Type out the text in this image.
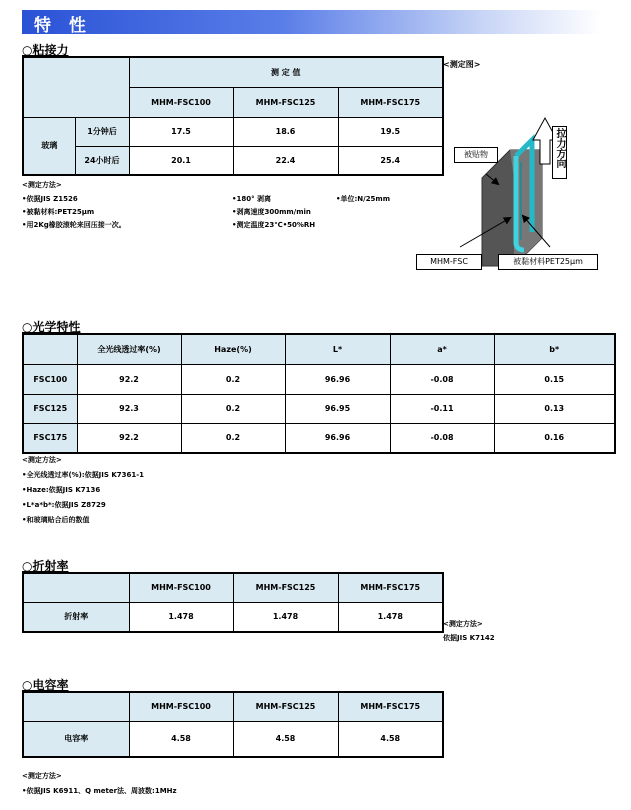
特 性
○粘接力
		测 定 值		
		MHM-FSC100	MHM-FSC125	MHM-FSC175
玻璃	1分钟后	17.5	18.6	19.5
	24小时后	20.1	22.4	25.4
<测定方法>
•依据JIS Z1526
•被黏材料:PET25μm
•用2Kg橡胶滚轮来回压接一次。
•180° 剥离
•剥离速度300mm/min
•测定温度23℃•50%RH
•单位:N/25mm
<测定图>
被贴物	拉力方向
MHM-FSC	被黏材料PET25μm
○光学特性
	全光线透过率(%)	Haze(%)	L*	a*	b*
FSC100	92.2	0.2	96.96	-0.08	0.15
FSC125	92.3	0.2	96.95	-0.11	0.13
FSC175	92.2	0.2	96.96	-0.08	0.16
<测定方法>
•全光线透过率(%):依据JIS K7361-1
•Haze:依据JIS K7136
•L*a*b*:依据JIS Z8729
•和玻璃贴合后的数值
○折射率
	MHM-FSC100	MHM-FSC125	MHM-FSC175
折射率	1.478	1.478	1.478
<测定方法>
依据JIS K7142
○电容率
	MHM-FSC100	MHM-FSC125	MHM-FSC175
电容率	4.58	4.58	4.58
<测定方法>
•依据JIS K6911、Q meter法、周波数:1MHz
